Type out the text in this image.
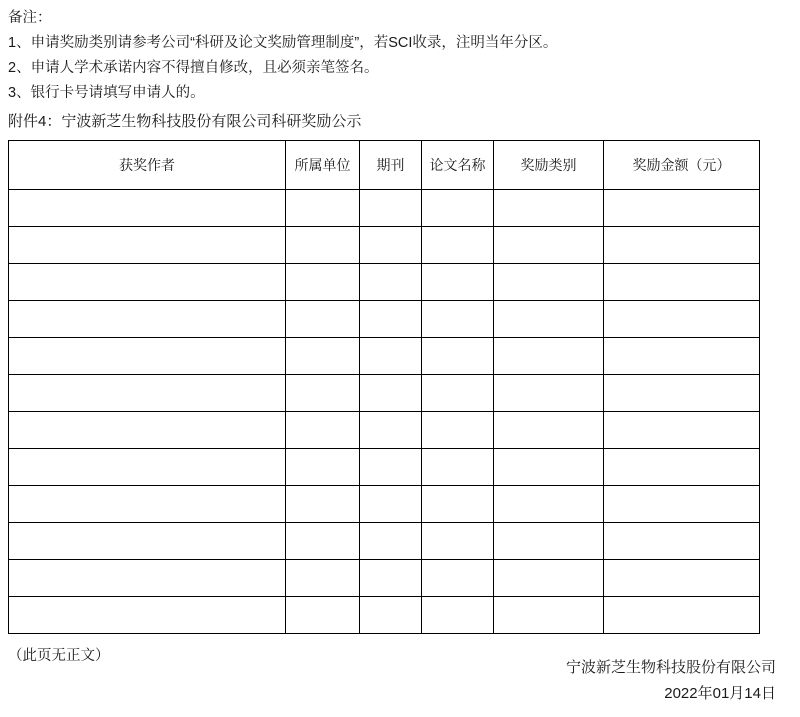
备注：
1、申请奖励类别请参考公司“科研及论文奖励管理制度”，若SCI收录，注明当年分区。
2、申请人学术承诺内容不得擅自修改，且必须亲笔签名。
3、银行卡号请填写申请人的。
附件4：宁波新芝生物科技股份有限公司科研奖励公示
获奖作者	所属单位	期刊	论文名称	奖励类别	奖励金额（元）

（此页无正文）
宁波新芝生物科技股份有限公司
2022年01月14日
